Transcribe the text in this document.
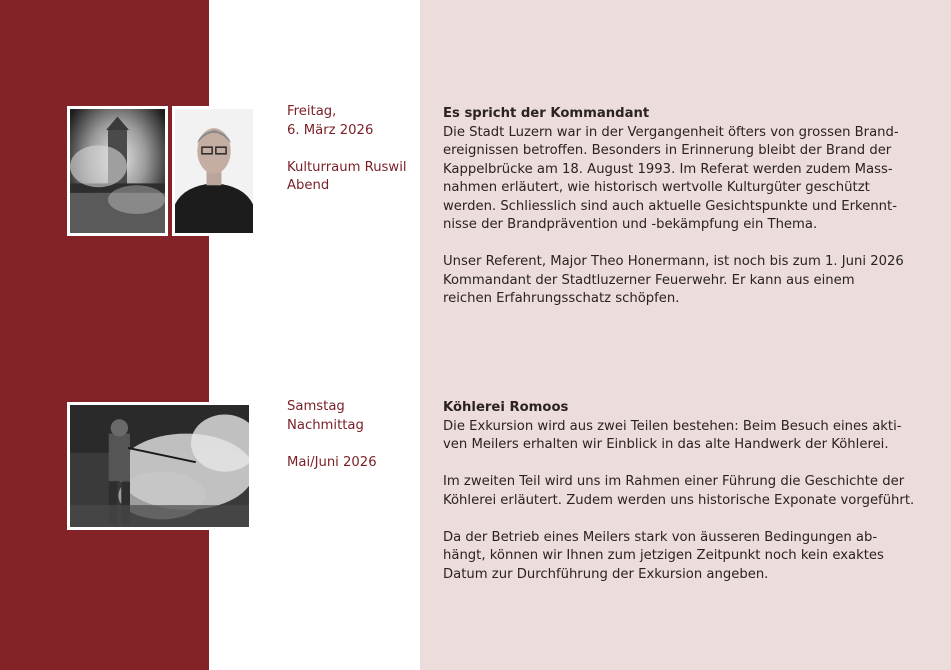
Freitag,

6. März 2026

Kulturraum Ruswil

Abend

Es spricht der Kommandant

Die Stadt Luzern war in der Vergangenheit öfters von grossen Brand-
ereignissen betroffen. Besonders in Erinnerung bleibt der Brand der
Kappelbrücke am 18. August 1993. Im Referat werden zudem Mass-
nahmen erläutert, wie historisch wertvolle Kulturgüter geschützt
werden. Schliesslich sind auch aktuelle Gesichtspunkte und Erkennt-
nisse der Brandprävention und -bekämpfung ein Thema.

Unser Referent, Major Theo Honermann, ist noch bis zum 1. Juni 2026
Kommandant der Stadtluzerner Feuerwehr. Er kann aus einem
reichen Erfahrungsschatz schöpfen.

Samstag

Nachmittag

Mai/Juni 2026

Köhlerei Romoos

Die Exkursion wird aus zwei Teilen bestehen: Beim Besuch eines akti-
ven Meilers erhalten wir Einblick in das alte Handwerk der Köhlerei.

Im zweiten Teil wird uns im Rahmen einer Führung die Geschichte der
Köhlerei erläutert. Zudem werden uns historische Exponate vorgeführt.

Da der Betrieb eines Meilers stark von äusseren Bedingungen ab-
hängt, können wir Ihnen zum jetzigen Zeitpunkt noch kein exaktes
Datum zur Durchführung der Exkursion angeben.
